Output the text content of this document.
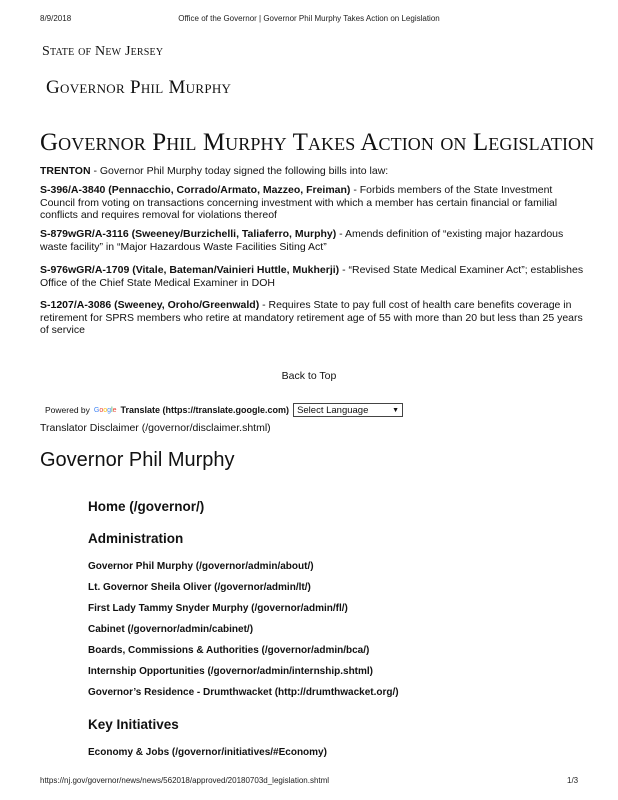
8/9/2018	Office of the Governor | Governor Phil Murphy Takes Action on Legislation
State of New Jersey
Governor Phil Murphy
Governor Phil Murphy Takes Action on Legislation
TRENTON - Governor Phil Murphy today signed the following bills into law:
S-396/A-3840 (Pennacchio, Corrado/Armato, Mazzeo, Freiman) - Forbids members of the State Investment Council from voting on transactions concerning investment with which a member has certain financial or familial conflicts and requires removal for violations thereof
S-879wGR/A-3116 (Sweeney/Burzichelli, Taliaferro, Murphy) - Amends definition of “existing major hazardous waste facility” in “Major Hazardous Waste Facilities Siting Act”
S-976wGR/A-1709 (Vitale, Bateman/Vainieri Huttle, Mukherji) - “Revised State Medical Examiner Act”; establishes Office of the Chief State Medical Examiner in DOH
S-1207/A-3086 (Sweeney, Oroho/Greenwald) - Requires State to pay full cost of health care benefits coverage in retirement for SPRS members who retire at mandatory retirement age of 55 with more than 20 but less than 25 years of service
Back to Top
Powered by Google Translate (https://translate.google.com) Select Language	▼
Translator Disclaimer (/governor/disclaimer.shtml)
Governor Phil Murphy
Home (/governor/)
Administration
Governor Phil Murphy (/governor/admin/about/)
Lt. Governor Sheila Oliver (/governor/admin/lt/)
First Lady Tammy Snyder Murphy (/governor/admin/fl/)
Cabinet (/governor/admin/cabinet/)
Boards, Commissions & Authorities (/governor/admin/bca/)
Internship Opportunities (/governor/admin/internship.shtml)
Governor’s Residence - Drumthwacket (http://drumthwacket.org/)
Key Initiatives
Economy & Jobs (/governor/initiatives/#Economy)
https://nj.gov/governor/news/news/562018/approved/20180703d_legislation.shtml	1/3
